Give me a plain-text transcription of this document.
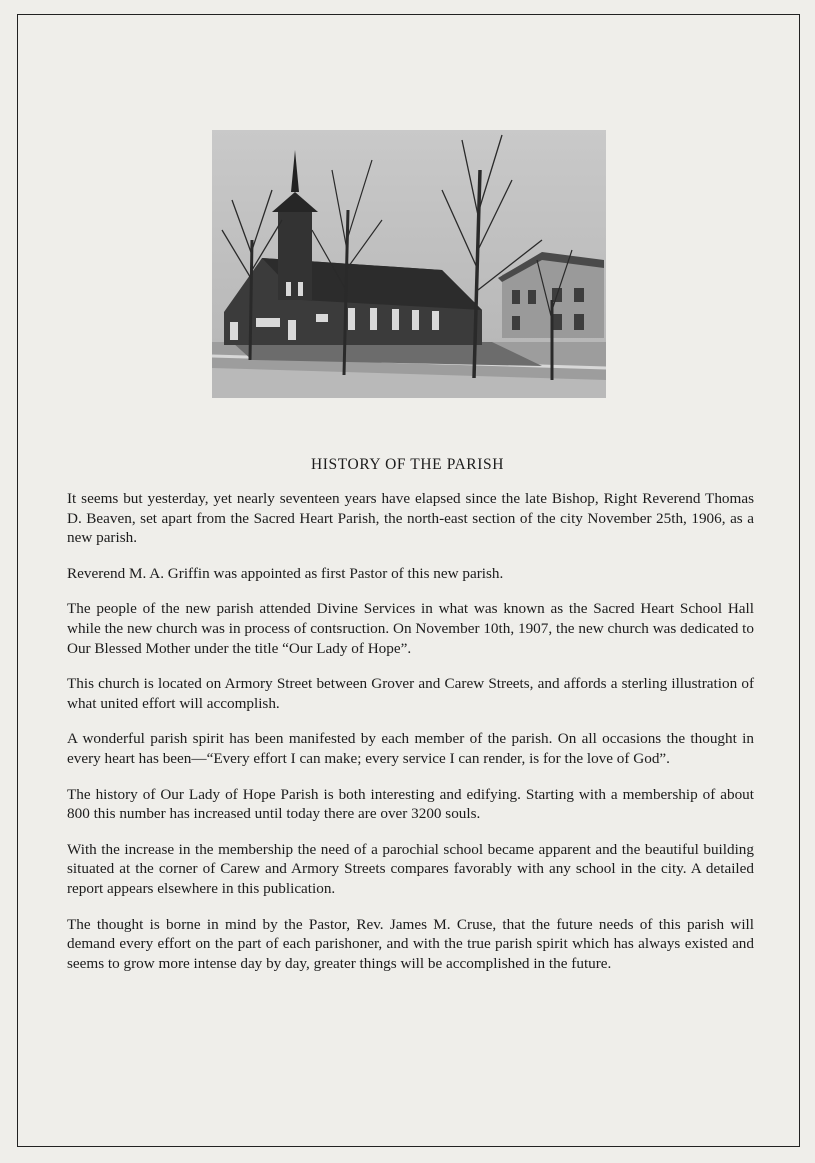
HISTORY OF THE PARISH

It seems but yesterday, yet nearly seventeen years have elapsed since the late Bishop, Right Reverend Thomas D. Beaven, set apart from the Sacred Heart Parish, the north-east section of the city November 25th, 1906, as a new parish.

Reverend M. A. Griffin was appointed as first Pastor of this new parish.

The people of the new parish attended Divine Services in what was known as the Sacred Heart School Hall while the new church was in process of contsruction. On November 10th, 1907, the new church was dedicated to Our Blessed Mother under the title “Our Lady of Hope”.

This church is located on Armory Street between Grover and Carew Streets, and affords a sterling illustration of what united effort will accomplish.

A wonderful parish spirit has been manifested by each member of the parish. On all occasions the thought in every heart has been—“Every effort I can make; every service I can render, is for the love of God”.

The history of Our Lady of Hope Parish is both interesting and edifying. Starting with a membership of about 800 this number has increased until today there are over 3200 souls.

With the increase in the membership the need of a parochial school became apparent and the beautiful building situated at the corner of Carew and Armory Streets compares favorably with any school in the city. A detailed report appears elsewhere in this publication.

The thought is borne in mind by the Pastor, Rev. James M. Cruse, that the future needs of this parish will demand every effort on the part of each parishoner, and with the true parish spirit which has always existed and seems to grow more intense day by day, greater things will be accomplished in the future.
